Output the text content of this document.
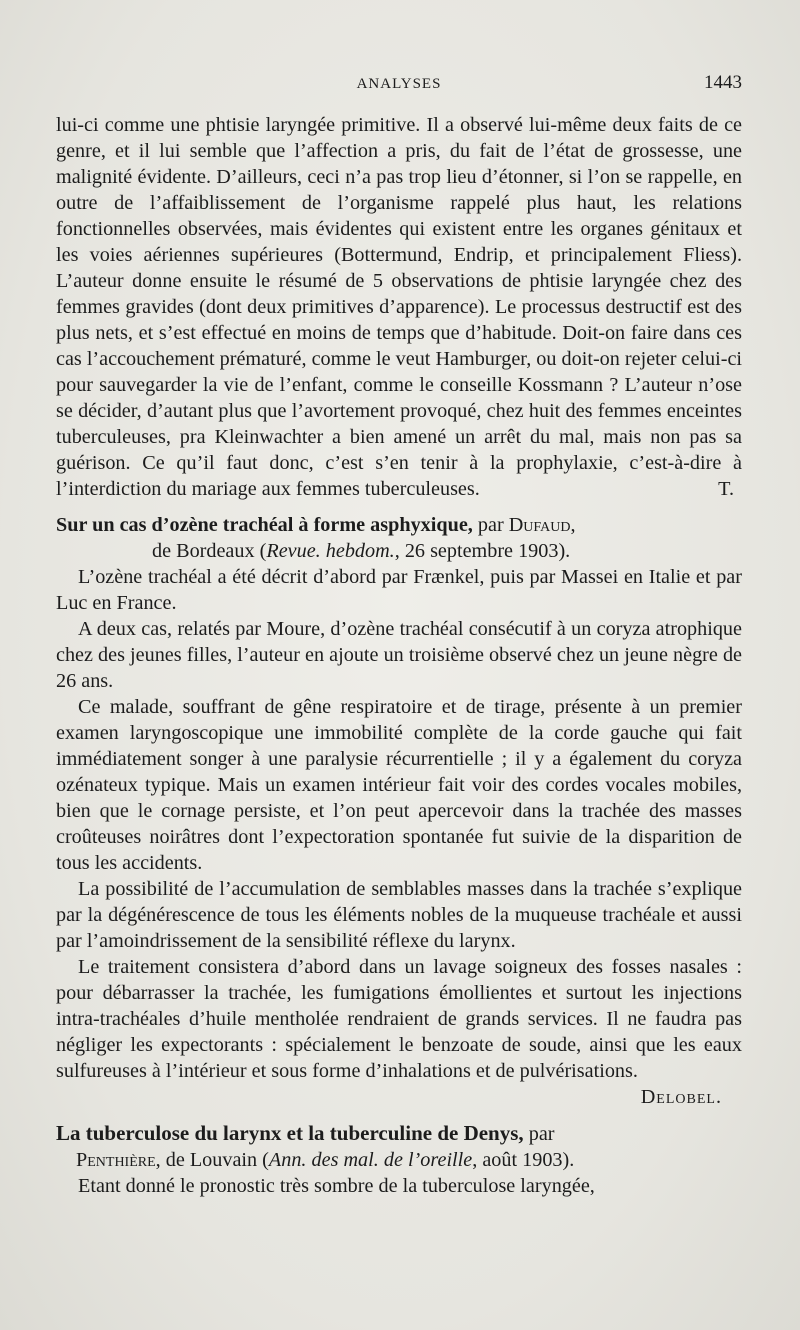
ANALYSES	1443

lui-ci comme une phtisie laryngée primitive. Il a observé lui-même deux faits de ce genre, et il lui semble que l’affection a pris, du fait de l’état de grossesse, une malignité évidente. D’ailleurs, ceci n’a pas trop lieu d’étonner, si l’on se rappelle, en outre de l’affaiblissement de l’organisme rappelé plus haut, les relations fonctionnelles observées, mais évidentes qui existent entre les organes génitaux et les voies aériennes supérieures (Bottermund, Endrip, et principalement Fliess). L’auteur donne ensuite le résumé de 5 observations de phtisie laryngée chez des femmes gravides (dont deux primitives d’apparence). Le processus destructif est des plus nets, et s’est effectué en moins de temps que d’habitude. Doit-on faire dans ces cas l’accouchement prématuré, comme le veut Hamburger, ou doit-on rejeter celui-ci pour sauvegarder la vie de l’enfant, comme le conseille Kossmann ? L’auteur n’ose se décider, d’autant plus que l’avortement provoqué, chez huit des femmes enceintes tuberculeuses, pra Kleinwachter a bien amené un arrêt du mal, mais non pas sa guérison. Ce qu’il faut donc, c’est s’en tenir à la prophylaxie, c’est-à-dire à l’interdiction du mariage aux femmes tuberculeuses.	T.

Sur un cas d’ozène trachéal à forme asphyxique, par Dufaud,
de Bordeaux (Revue. hebdom., 26 septembre 1903).

L’ozène trachéal a été décrit d’abord par Frænkel, puis par Massei en Italie et par Luc en France.

A deux cas, relatés par Moure, d’ozène trachéal consécutif à un coryza atrophique chez des jeunes filles, l’auteur en ajoute un troisième observé chez un jeune nègre de 26 ans.

Ce malade, souffrant de gêne respiratoire et de tirage, présente à un premier examen laryngoscopique une immobilité complète de la corde gauche qui fait immédiatement songer à une paralysie récurrentielle ; il y a également du coryza ozénateux typique. Mais un examen intérieur fait voir des cordes vocales mobiles, bien que le cornage persiste, et l’on peut apercevoir dans la trachée des masses croûteuses noirâtres dont l’expectoration spontanée fut suivie de la disparition de tous les accidents.

La possibilité de l’accumulation de semblables masses dans la trachée s’explique par la dégénérescence de tous les éléments nobles de la muqueuse trachéale et aussi par l’amoindrissement de la sensibilité réflexe du larynx.

Le traitement consistera d’abord dans un lavage soigneux des fosses nasales : pour débarrasser la trachée, les fumigations émollientes et surtout les injections intra-trachéales d’huile mentholée rendraient de grands services. Il ne faudra pas négliger les expectorants : spécialement le benzoate de soude, ainsi que les eaux sulfureuses à l’intérieur et sous forme d’inhalations et de pulvérisations.

Delobel.

La tuberculose du larynx et la tuberculine de Denys, par
Penthière, de Louvain (Ann. des mal. de l’oreille, août 1903).

Etant donné le pronostic très sombre de la tuberculose laryngée,
